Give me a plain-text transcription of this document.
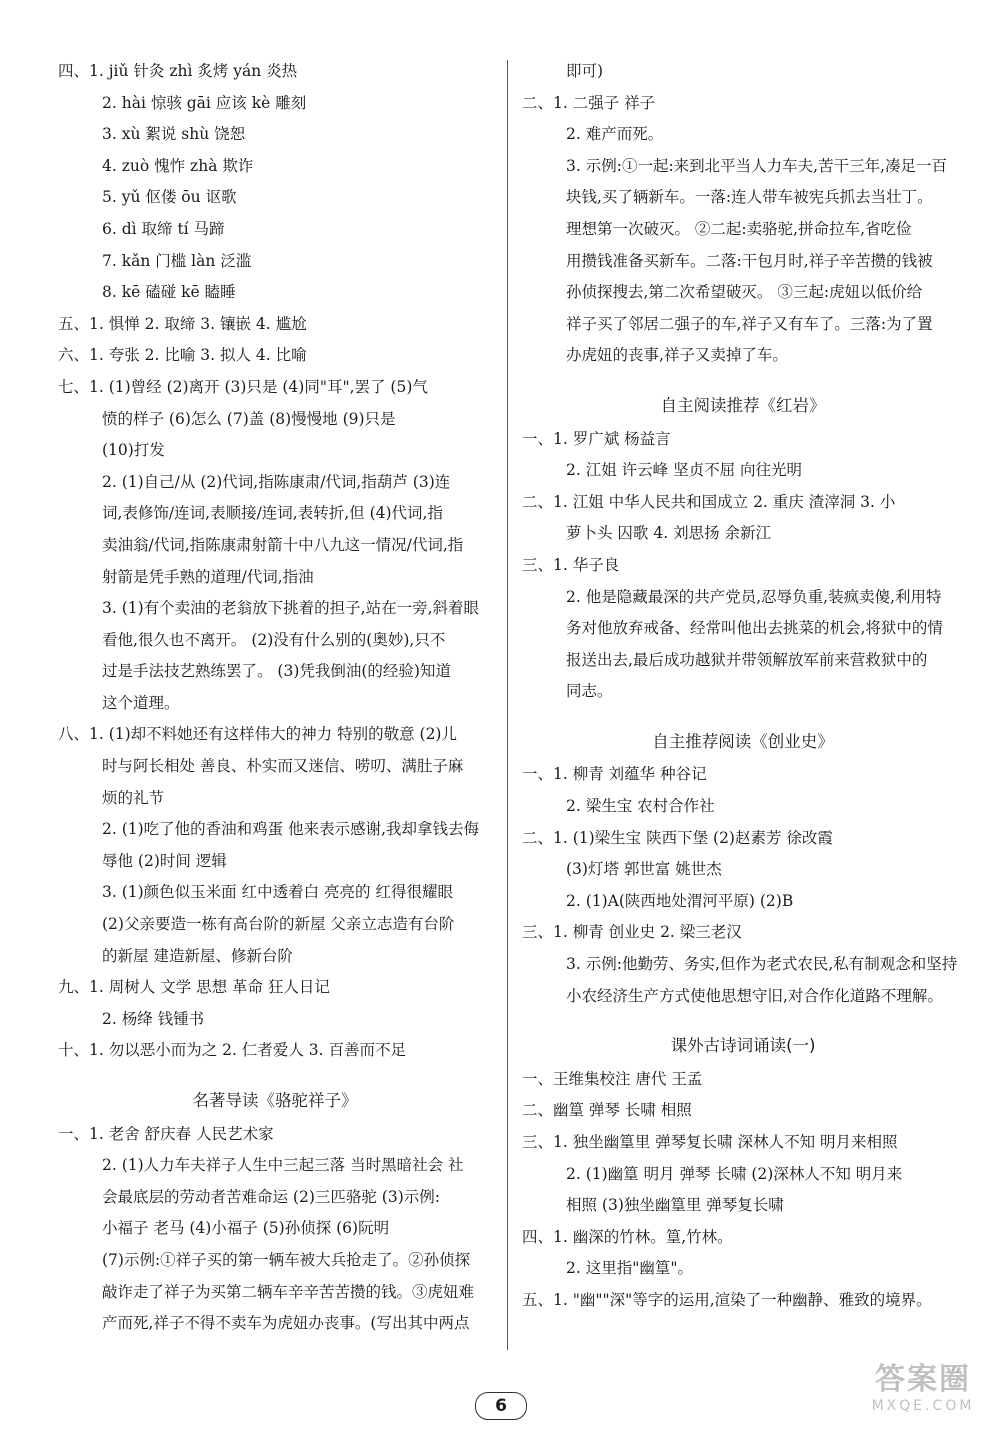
四、1. jiǔ 针灸 zhì 炙烤 yán 炎热
2. hài 惊骇 gāi 应该 kè 雕刻
3. xù 絮说 shù 饶恕
4. zuò 愧怍 zhà 欺诈
5. yǔ 伛偻 ōu 讴歌
6. dì 取缔 tí 马蹄
7. kǎn 门槛 làn 泛滥
8. kē 磕碰 kē 瞌睡
五、1. 惧惮 2. 取缔 3. 镶嵌 4. 尴尬
六、1. 夸张 2. 比喻 3. 拟人 4. 比喻
七、1. (1)曾经 (2)离开 (3)只是 (4)同"耳",罢了 (5)气
愤的样子 (6)怎么 (7)盖 (8)慢慢地 (9)只是
(10)打发
2. (1)自己/从 (2)代词,指陈康肃/代词,指葫芦 (3)连
词,表修饰/连词,表顺接/连词,表转折,但 (4)代词,指
卖油翁/代词,指陈康肃射箭十中八九这一情况/代词,指
射箭是凭手熟的道理/代词,指油
3. (1)有个卖油的老翁放下挑着的担子,站在一旁,斜着眼
看他,很久也不离开。 (2)没有什么别的(奥妙),只不
过是手法技艺熟练罢了。 (3)凭我倒油(的经验)知道
这个道理。
八、1. (1)却不料她还有这样伟大的神力 特别的敬意 (2)儿
时与阿长相处 善良、朴实而又迷信、唠叨、满肚子麻
烦的礼节
2. (1)吃了他的香油和鸡蛋 他来表示感谢,我却拿钱去侮
辱他 (2)时间 逻辑
3. (1)颜色似玉米面 红中透着白 亮亮的 红得很耀眼
(2)父亲要造一栋有高台阶的新屋 父亲立志造有台阶
的新屋 建造新屋、修新台阶
九、1. 周树人 文学 思想 革命 狂人日记
2. 杨绛 钱锺书
十、1. 勿以恶小而为之 2. 仁者爱人 3. 百善而不足
名著导读《骆驼祥子》
一、1. 老舍 舒庆春 人民艺术家
2. (1)人力车夫祥子人生中三起三落 当时黑暗社会 社
会最底层的劳动者苦难命运 (2)三匹骆驼 (3)示例:
小福子 老马 (4)小福子 (5)孙侦探 (6)阮明
(7)示例:①祥子买的第一辆车被大兵抢走了。②孙侦探
敲诈走了祥子为买第二辆车辛辛苦苦攒的钱。③虎妞难
产而死,祥子不得不卖车为虎妞办丧事。(写出其中两点
即可)
二、1. 二强子 祥子
2. 难产而死。
3. 示例:①一起:来到北平当人力车夫,苦干三年,凑足一百
块钱,买了辆新车。一落:连人带车被宪兵抓去当壮丁。
理想第一次破灭。 ②二起:卖骆驼,拼命拉车,省吃俭
用攒钱准备买新车。二落:干包月时,祥子辛苦攒的钱被
孙侦探搜去,第二次希望破灭。 ③三起:虎妞以低价给
祥子买了邻居二强子的车,祥子又有车了。三落:为了置
办虎妞的丧事,祥子又卖掉了车。
自主阅读推荐《红岩》
一、1. 罗广斌 杨益言
2. 江姐 许云峰 坚贞不屈 向往光明
二、1. 江姐 中华人民共和国成立 2. 重庆 渣滓洞 3. 小
萝卜头 囚歌 4. 刘思扬 余新江
三、1. 华子良
2. 他是隐藏最深的共产党员,忍辱负重,装疯卖傻,利用特
务对他放弃戒备、经常叫他出去挑菜的机会,将狱中的情
报送出去,最后成功越狱并带领解放军前来营救狱中的
同志。
自主推荐阅读《创业史》
一、1. 柳青 刘蕴华 种谷记
2. 梁生宝 农村合作社
二、1. (1)梁生宝 陕西下堡 (2)赵素芳 徐改霞
(3)灯塔 郭世富 姚世杰
2. (1)A(陕西地处渭河平原) (2)B
三、1. 柳青 创业史 2. 梁三老汉
3. 示例:他勤劳、务实,但作为老式农民,私有制观念和坚持
小农经济生产方式使他思想守旧,对合作化道路不理解。
课外古诗词诵读(一)
一、王维集校注 唐代 王孟
二、幽篁 弹琴 长啸 相照
三、1. 独坐幽篁里 弹琴复长啸 深林人不知 明月来相照
2. (1)幽篁 明月 弹琴 长啸 (2)深林人不知 明月来
相照 (3)独坐幽篁里 弹琴复长啸
四、1. 幽深的竹林。篁,竹林。
2. 这里指"幽篁"。
五、1. "幽""深"等字的运用,渲染了一种幽静、雅致的境界。
6
答案圈
MXQE.COM
